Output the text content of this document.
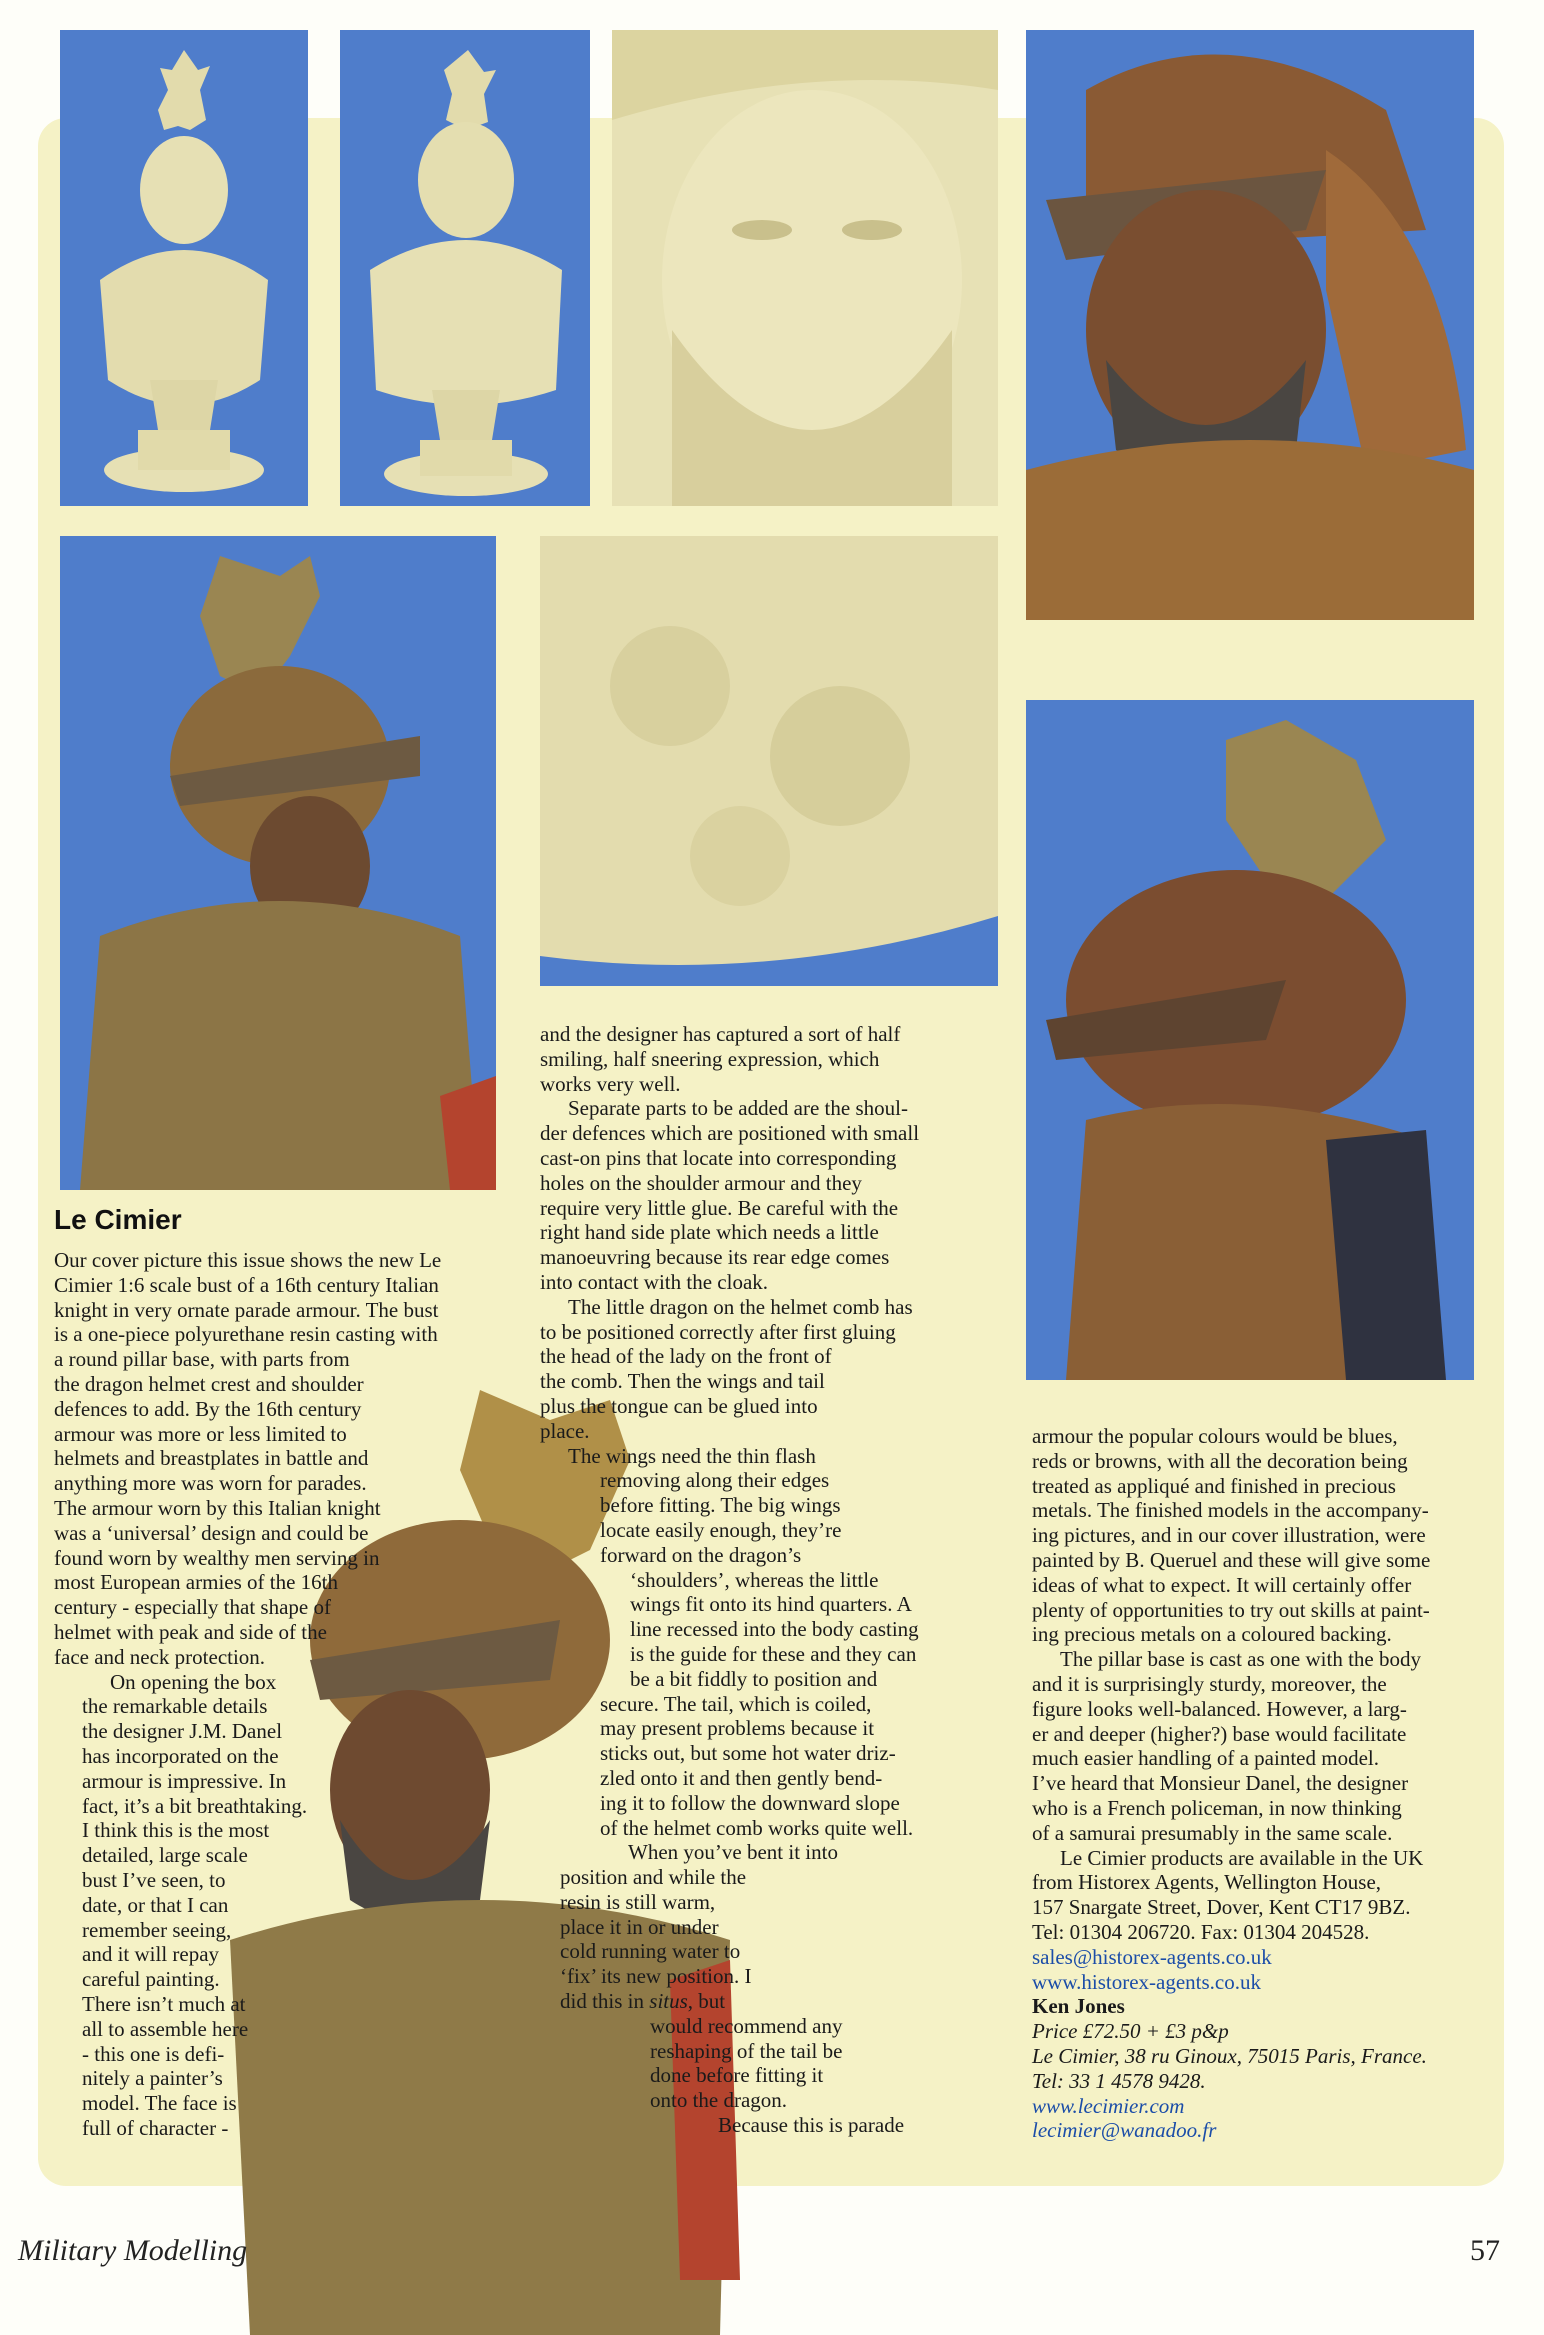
Le Cimier

Our cover picture this issue shows the new Le
Cimier 1:6 scale bust of a 16th century Italian
knight in very ornate parade armour. The bust
is a one-piece polyurethane resin casting with
a round pillar base, with parts from
the dragon helmet crest and shoulder
defences to add. By the 16th century
armour was more or less limited to
helmets and breastplates in battle and
anything more was worn for parades.
The armour worn by this Italian knight
was a ‘universal’ design and could be
found worn by wealthy men serving in
most European armies of the 16th
century - especially that shape of
helmet with peak and side of the
face and neck protection.

On opening the box
the remarkable details
the designer J.M. Danel
has incorporated on the
armour is impressive. In
fact, it’s a bit breathtaking.
I think this is the most
detailed, large scale
bust I’ve seen, to
date, or that I can
remember seeing,
and it will repay
careful painting.
There isn’t much at
all to assemble here
- this one is defi-
nitely a painter’s
model. The face is
full of character -

and the designer has captured a sort of half
smiling, half sneering expression, which
works very well.

Separate parts to be added are the shoul-
der defences which are positioned with small
cast-on pins that locate into corresponding
holes on the shoulder armour and they
require very little glue. Be careful with the
right hand side plate which needs a little
manoeuvring because its rear edge comes
into contact with the cloak.

The little dragon on the helmet comb has
to be positioned correctly after first gluing
the head of the lady on the front of
the comb. Then the wings and tail
plus the tongue can be glued into
place.

The wings need the thin flash
removing along their edges
before fitting. The big wings
locate easily enough, they’re
forward on the dragon’s
‘shoulders’, whereas the little
wings fit onto its hind quarters. A
line recessed into the body casting
is the guide for these and they can
be a bit fiddly to position and
secure. The tail, which is coiled,
may present problems because it
sticks out, but some hot water driz-
zled onto it and then gently bend-
ing it to follow the downward slope
of the helmet comb works quite well.

When you’ve bent it into
position and while the
resin is still warm,
place it in or under
cold running water to
‘fix’ its new position. I
did this in situs, but
would recommend any
reshaping of the tail be
done before fitting it
onto the dragon.

Because this is parade

armour the popular colours would be blues,
reds or browns, with all the decoration being
treated as appliqué and finished in precious
metals. The finished models in the accompany-
ing pictures, and in our cover illustration, were
painted by B. Queruel and these will give some
ideas of what to expect. It will certainly offer
plenty of opportunities to try out skills at paint-
ing precious metals on a coloured backing.

The pillar base is cast as one with the body
and it is surprisingly sturdy, moreover, the
figure looks well-balanced. However, a larg-
er and deeper (higher?) base would facilitate
much easier handling of a painted model.
I’ve heard that Monsieur Danel, the designer
who is a French policeman, in now thinking
of a samurai presumably in the same scale.

Le Cimier products are available in the UK
from Historex Agents, Wellington House,
157 Snargate Street, Dover, Kent CT17 9BZ.
Tel: 01304 206720. Fax: 01304 204528.

sales@historex-agents.co.uk
www.historex-agents.co.uk
Ken Jones
Price £72.50 + £3 p&p
Le Cimier, 38 ru Ginoux, 75015 Paris, France.
Tel: 33 1 4578 9428.
www.lecimier.com
lecimier@wanadoo.fr
Military Modelling	57
